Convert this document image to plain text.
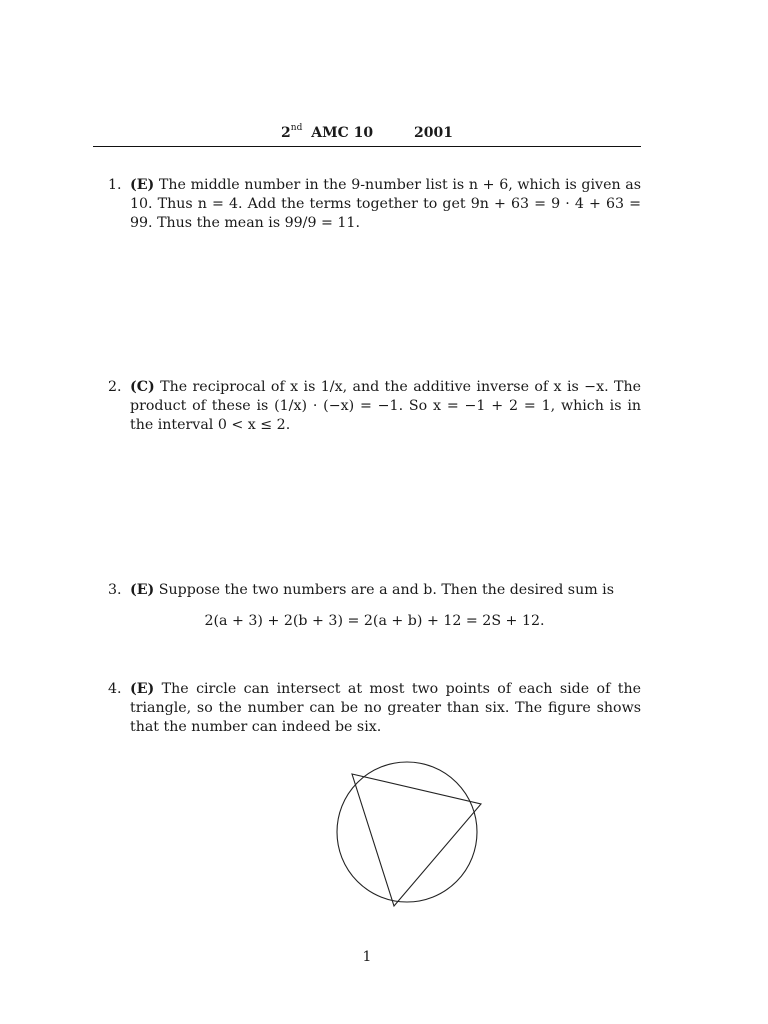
2nd AMC 10	2001
1. (E) The middle number in the 9-number list is n + 6, which is given as 10. Thus n = 4. Add the terms together to get 9n + 63 = 9 · 4 + 63 = 99. Thus the mean is 99/9 = 11.
2. (C) The reciprocal of x is 1/x, and the additive inverse of x is −x. The product of these is (1/x) · (−x) = −1. So x = −1 + 2 = 1, which is in the interval 0 < x ≤ 2.
3. (E) Suppose the two numbers are a and b. Then the desired sum is
2(a + 3) + 2(b + 3) = 2(a + b) + 12 = 2S + 12.
4. (E) The circle can intersect at most two points of each side of the triangle, so the number can be no greater than six. The figure shows that the number can indeed be six.
1
